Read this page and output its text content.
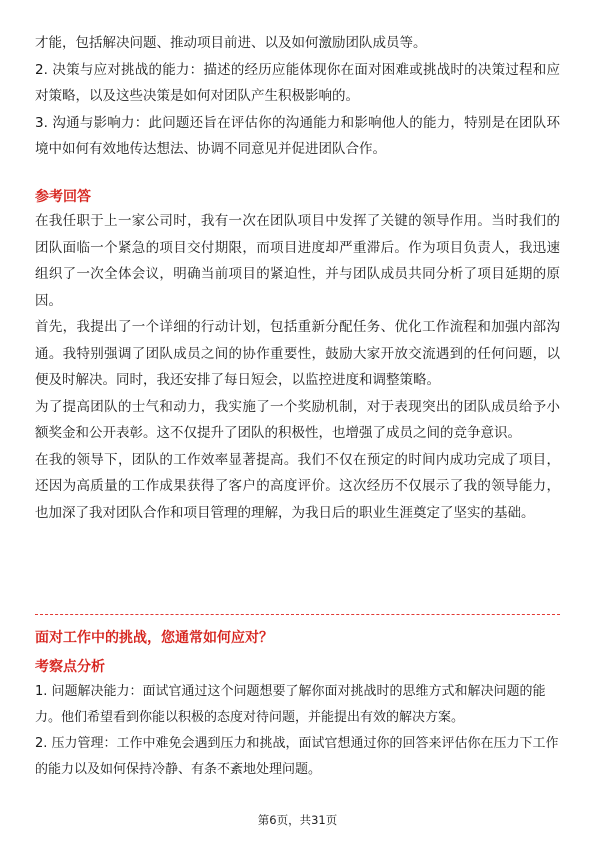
才能，包括解决问题、推动项目前进、以及如何激励团队成员等。

2. 决策与应对挑战的能力：描述的经历应能体现你在面对困难或挑战时的决策过程和应对策略，以及这些决策是如何对团队产生积极影响的。

3. 沟通与影响力：此问题还旨在评估你的沟通能力和影响他人的能力，特别是在团队环境中如何有效地传达想法、协调不同意见并促进团队合作。

参考回答

在我任职于上一家公司时，我有一次在团队项目中发挥了关键的领导作用。当时我们的团队面临一个紧急的项目交付期限，而项目进度却严重滞后。作为项目负责人，我迅速组织了一次全体会议，明确当前项目的紧迫性，并与团队成员共同分析了项目延期的原因。

首先，我提出了一个详细的行动计划，包括重新分配任务、优化工作流程和加强内部沟通。我特别强调了团队成员之间的协作重要性，鼓励大家开放交流遇到的任何问题，以便及时解决。同时，我还安排了每日短会，以监控进度和调整策略。

为了提高团队的士气和动力，我实施了一个奖励机制，对于表现突出的团队成员给予小额奖金和公开表彰。这不仅提升了团队的积极性，也增强了成员之间的竞争意识。

在我的领导下，团队的工作效率显著提高。我们不仅在预定的时间内成功完成了项目，还因为高质量的工作成果获得了客户的高度评价。这次经历不仅展示了我的领导能力，也加深了我对团队合作和项目管理的理解，为我日后的职业生涯奠定了坚实的基础。

面对工作中的挑战，您通常如何应对？

考察点分析

1. 问题解决能力：面试官通过这个问题想要了解你面对挑战时的思维方式和解决问题的能力。他们希望看到你能以积极的态度对待问题，并能提出有效的解决方案。

2. 压力管理：工作中难免会遇到压力和挑战，面试官想通过你的回答来评估你在压力下工作的能力以及如何保持冷静、有条不紊地处理问题。

第6页，共31页
